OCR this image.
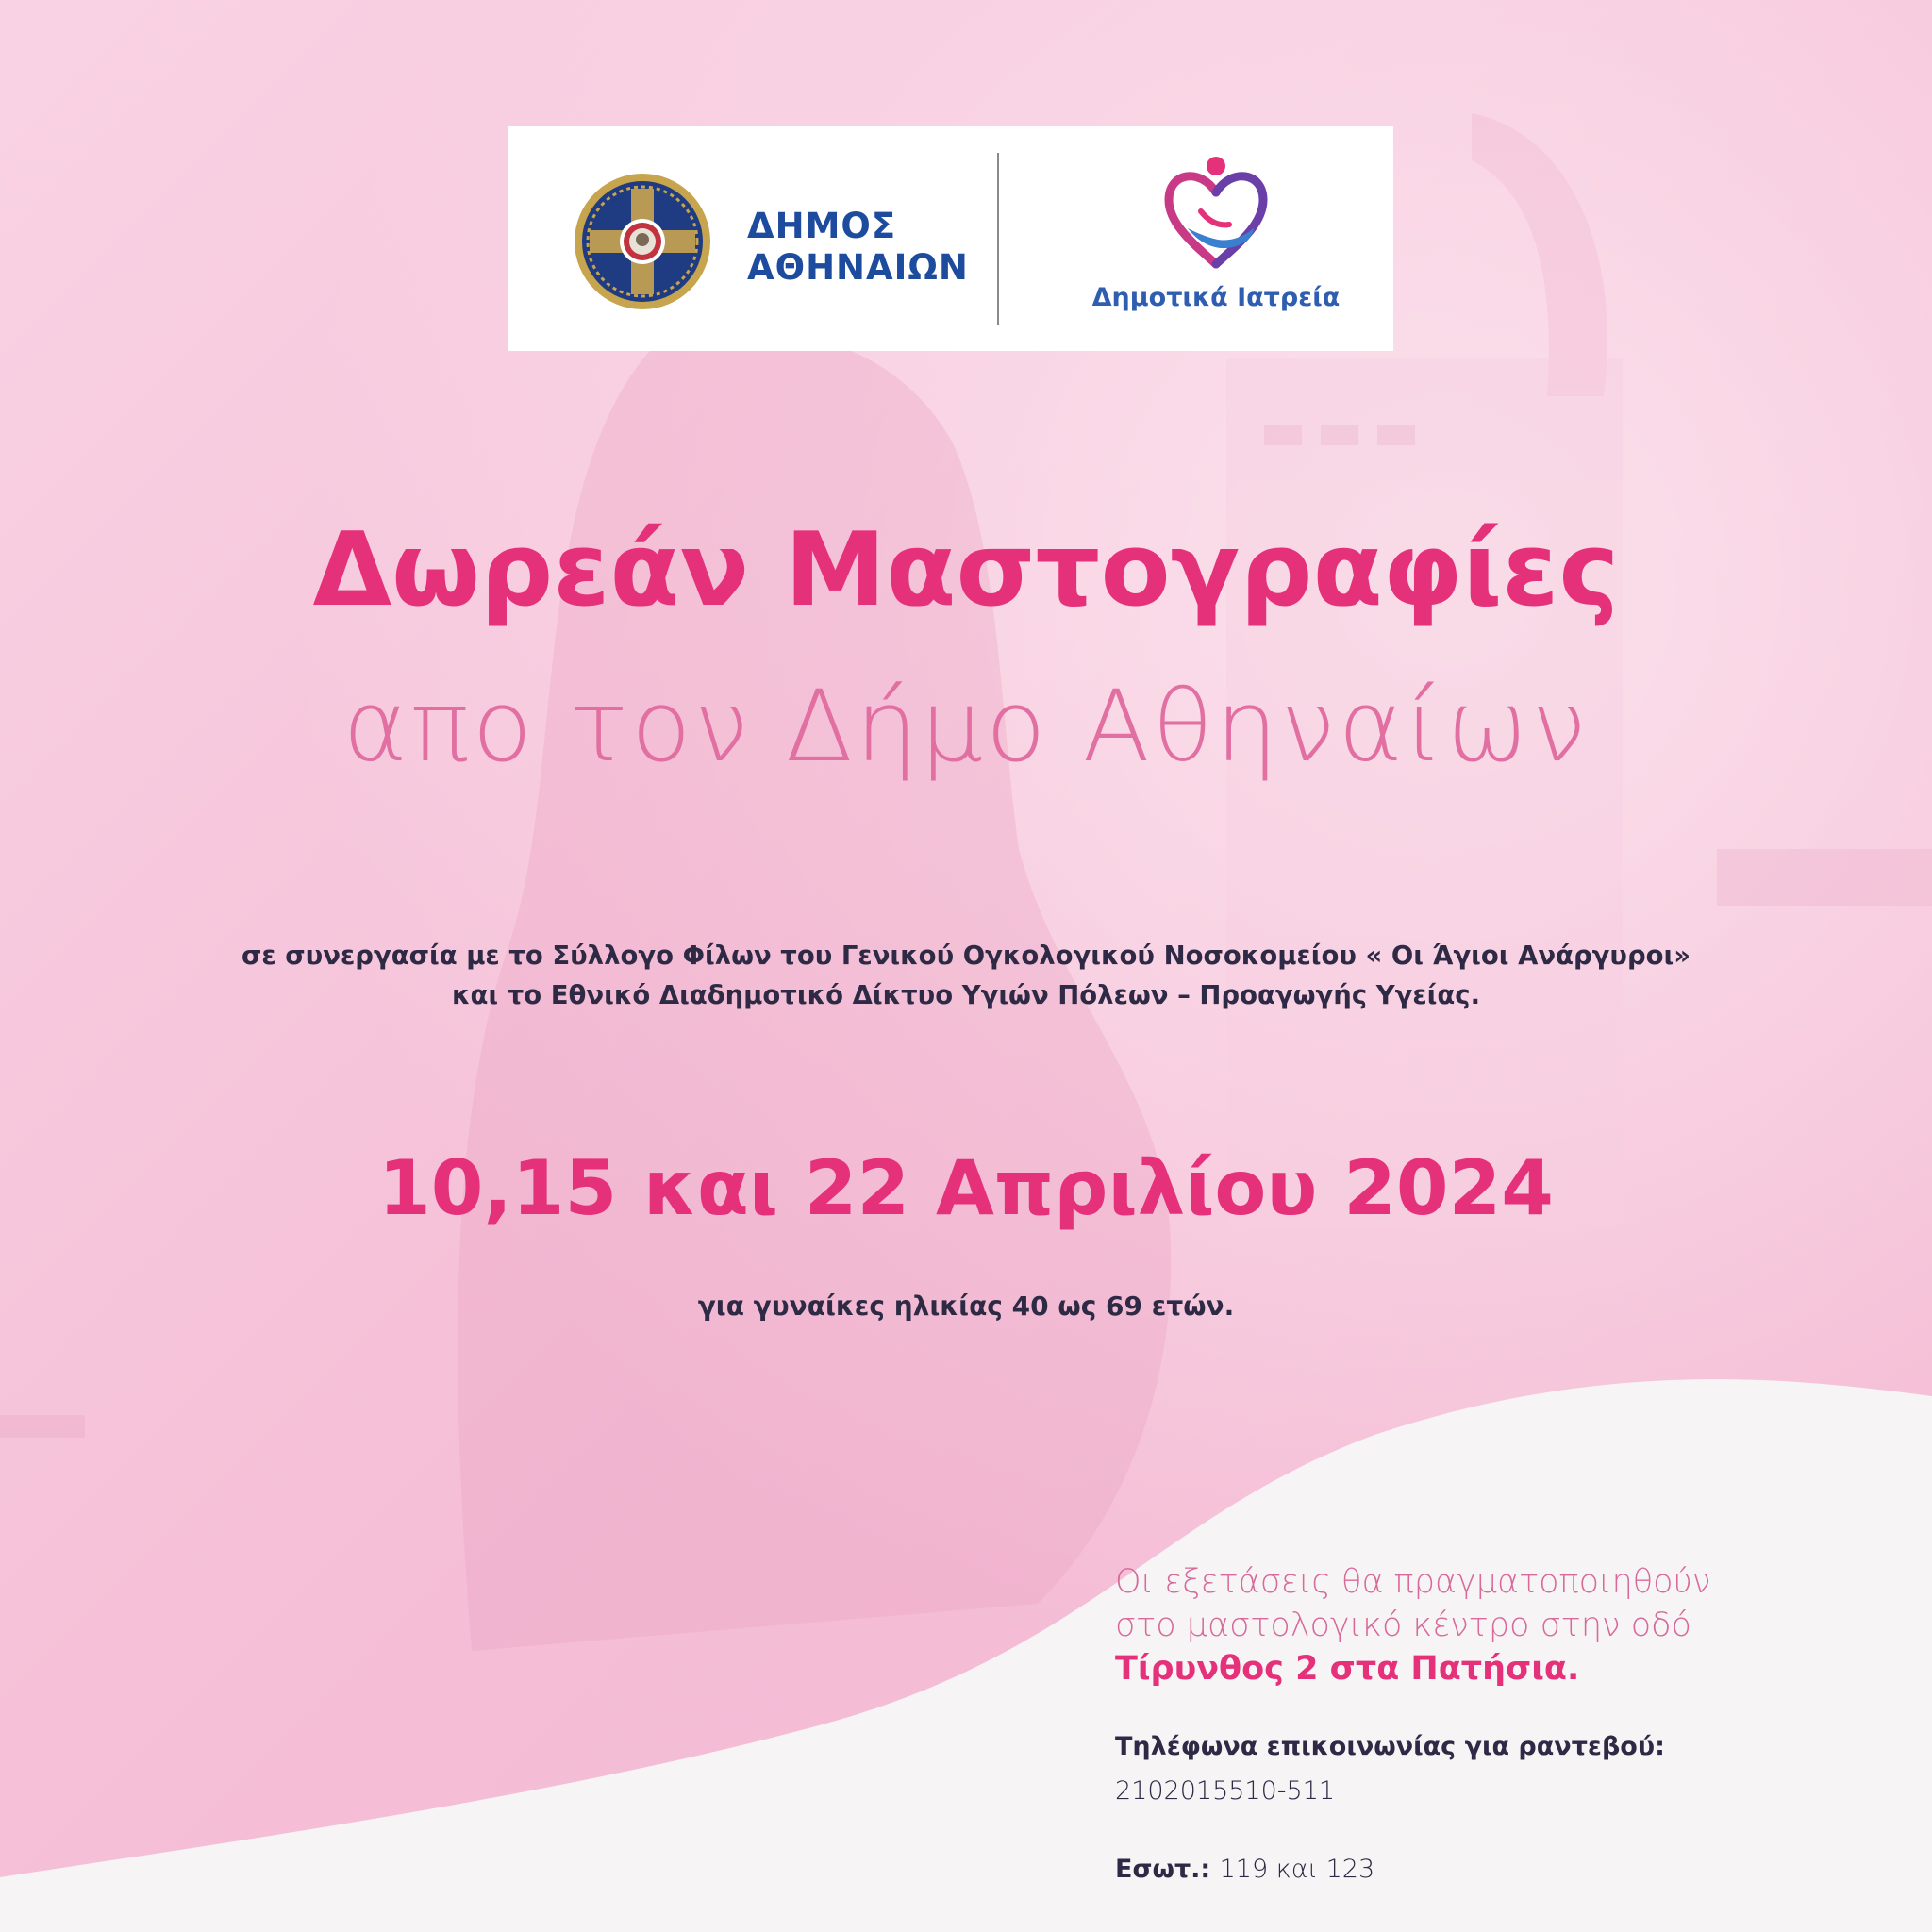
ΔΗΜΟΣ
ΑΘΗΝΑΙΩΝ
Δημοτικά Ιατρεία
Δωρεάν Μαστογραφίες
απο τον Δήμο Αθηναίων
σε συνεργασία με το Σύλλογο Φίλων του Γενικού Ογκολογικού Νοσοκομείου « Οι Άγιοι Ανάργυροι»
και το Εθνικό Διαδημοτικό Δίκτυο Υγιών Πόλεων – Προαγωγής Υγείας.
10,15 και 22 Απριλίου 2024
για γυναίκες ηλικίας 40 ως 69 ετών.
Οι εξετάσεις θα πραγματοποιηθούν
στο μαστολογικό κέντρο στην οδό
Τίρυνθος 2 στα Πατήσια.
Τηλέφωνα επικοινωνίας για ραντεβού:
2102015510-511
Εσωτ.: 119 και 123
